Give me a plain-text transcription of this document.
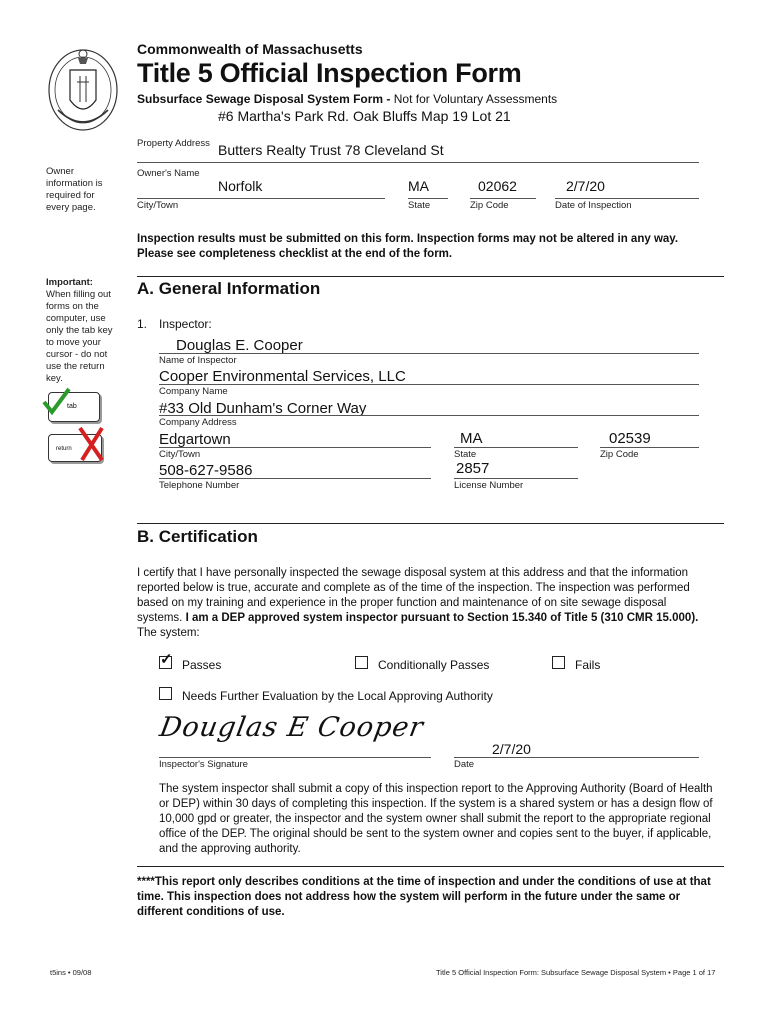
Commonwealth of Massachusetts
Title 5 Official Inspection Form
Subsurface Sewage Disposal System Form - Not for Voluntary Assessments
#6 Martha's Park Rd. Oak Bluffs Map 19 Lot 21
Property Address Butters Realty Trust 78 Cleveland St
Owner's Name
Norfolk	MA	02062	2/7/20
City/Town	State	Zip Code	Date of Inspection
Owner information is required for every page.
Important:
When filling out forms on the computer, use only the tab key to move your cursor - do not use the return key.
tab
return
Inspection results must be submitted on this form. Inspection forms may not be altered in any way. Please see completeness checklist at the end of the form.
A. General Information
1. Inspector:
Douglas E. Cooper
Name of Inspector
Cooper Environmental Services, LLC
Company Name
#33 Old Dunham's Corner Way
Company Address
Edgartown	MA	02539
City/Town	State	Zip Code
508-627-9586	2857
Telephone Number	License Number
B. Certification
I certify that I have personally inspected the sewage disposal system at this address and that the information reported below is true, accurate and complete as of the time of the inspection. The inspection was performed based on my training and experience in the proper function and maintenance of on site sewage disposal systems. I am a DEP approved system inspector pursuant to Section 15.340 of Title 5 (310 CMR 15.000). The system:
✓ Passes	Conditionally Passes	Fails
Needs Further Evaluation by the Local Approving Authority
Douglas E Cooper
Inspector's Signature
2/7/20
Date
The system inspector shall submit a copy of this inspection report to the Approving Authority (Board of Health or DEP) within 30 days of completing this inspection. If the system is a shared system or has a design flow of 10,000 gpd or greater, the inspector and the system owner shall submit the report to the appropriate regional office of the DEP. The original should be sent to the system owner and copies sent to the buyer, if applicable, and the approving authority.
****This report only describes conditions at the time of inspection and under the conditions of use at that time. This inspection does not address how the system will perform in the future under the same or different conditions of use.
t5ins • 09/08	Title 5 Official Inspection Form: Subsurface Sewage Disposal System • Page 1 of 17
